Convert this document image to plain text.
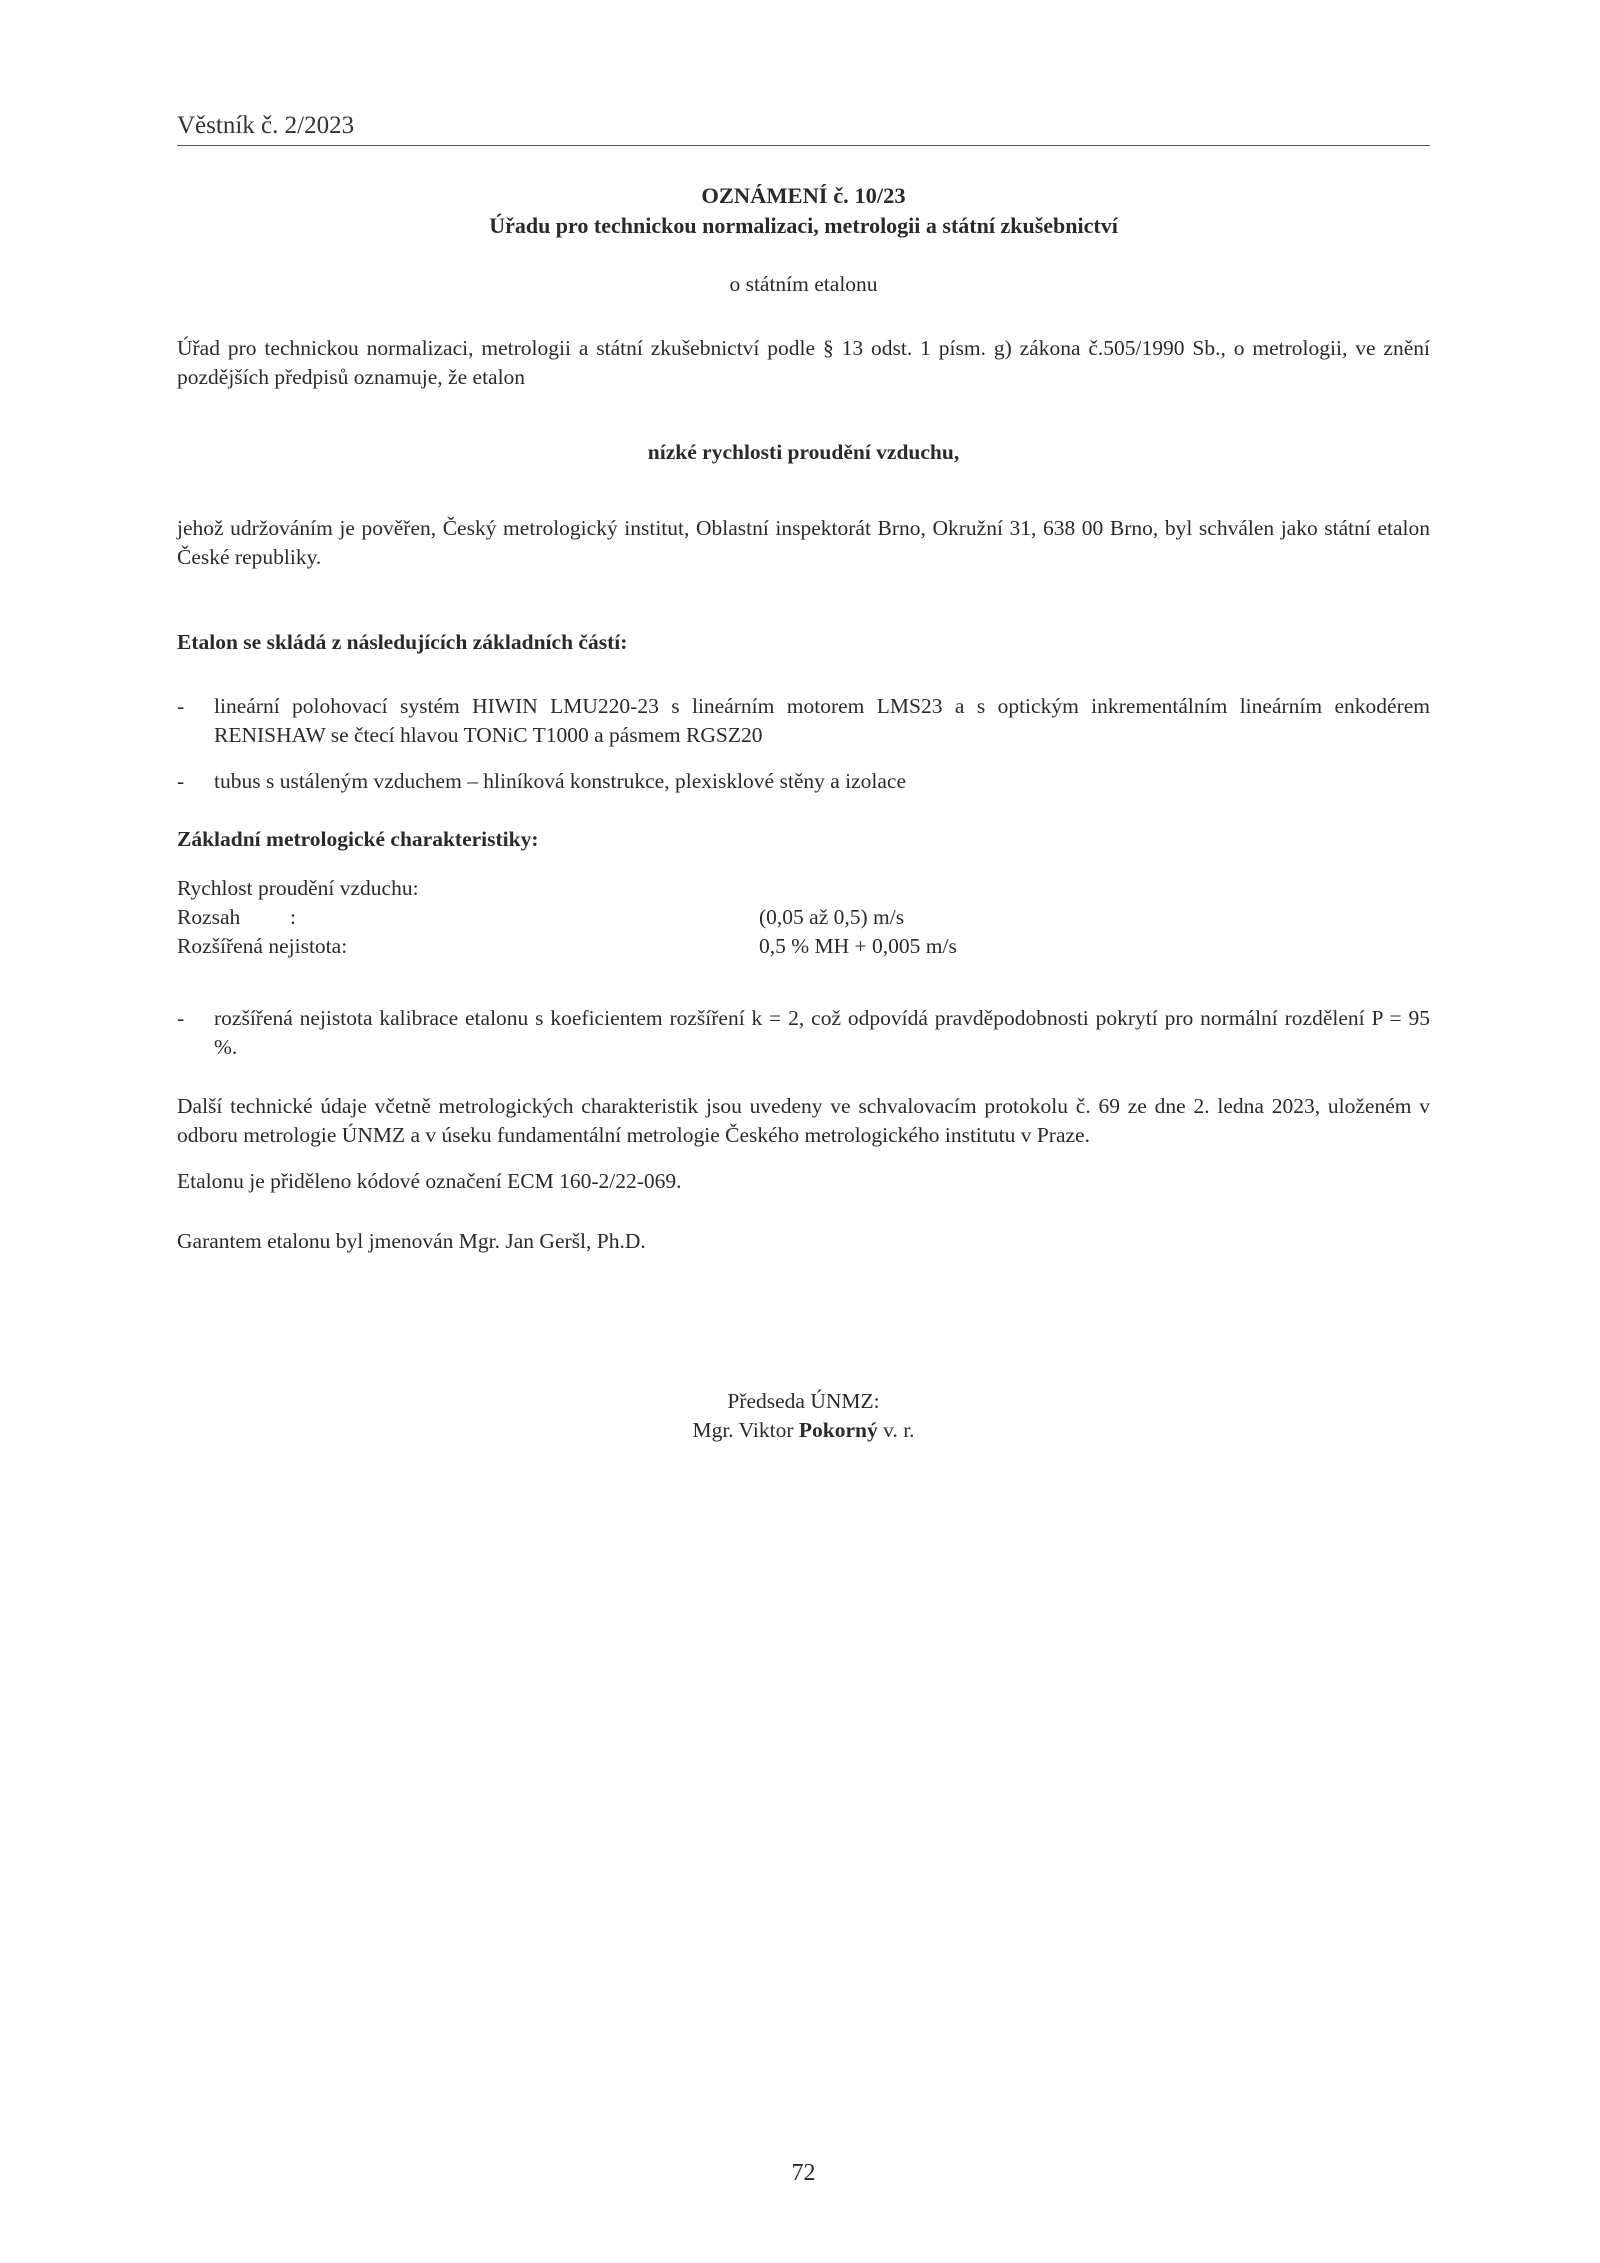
Věstník č. 2/2023
OZNÁMENÍ č. 10/23
Úřadu pro technickou normalizaci, metrologii a státní zkušebnictví
o státním etalonu
Úřad pro technickou normalizaci, metrologii a státní zkušebnictví podle § 13 odst. 1 písm. g) zákona č.505/1990 Sb., o metrologii, ve znění pozdějších předpisů oznamuje, že etalon
nízké rychlosti proudění vzduchu,
jehož udržováním je pověřen, Český metrologický institut, Oblastní inspektorát Brno, Okružní 31, 638 00 Brno, byl schválen jako státní etalon České republiky.
Etalon se skládá z následujících základních částí:
- lineární polohovací systém HIWIN LMU220-23 s lineárním motorem LMS23 a s optickým inkrementálním lineárním enkodérem RENISHAW se čtecí hlavou TONiC T1000 a pásmem RGSZ20
- tubus s ustáleným vzduchem – hliníková konstrukce, plexisklové stěny a izolace
Základní metrologické charakteristiky:
Rychlost proudění vzduchu:
Rozsah :	(0,05 až 0,5) m/s
Rozšířená nejistota:	0,5 % MH + 0,005 m/s
- rozšířená nejistota kalibrace etalonu s koeficientem rozšíření k = 2, což odpovídá pravděpodobnosti pokrytí pro normální rozdělení P = 95 %.
Další technické údaje včetně metrologických charakteristik jsou uvedeny ve schvalovacím protokolu č. 69 ze dne 2. ledna 2023, uloženém v odboru metrologie ÚNMZ a v úseku fundamentální metrologie Českého metrologického institutu v Praze.
Etalonu je přiděleno kódové označení ECM 160-2/22-069.
Garantem etalonu byl jmenován Mgr. Jan Geršl, Ph.D.
Předseda ÚNMZ:
Mgr. Viktor Pokorný v. r.
72
